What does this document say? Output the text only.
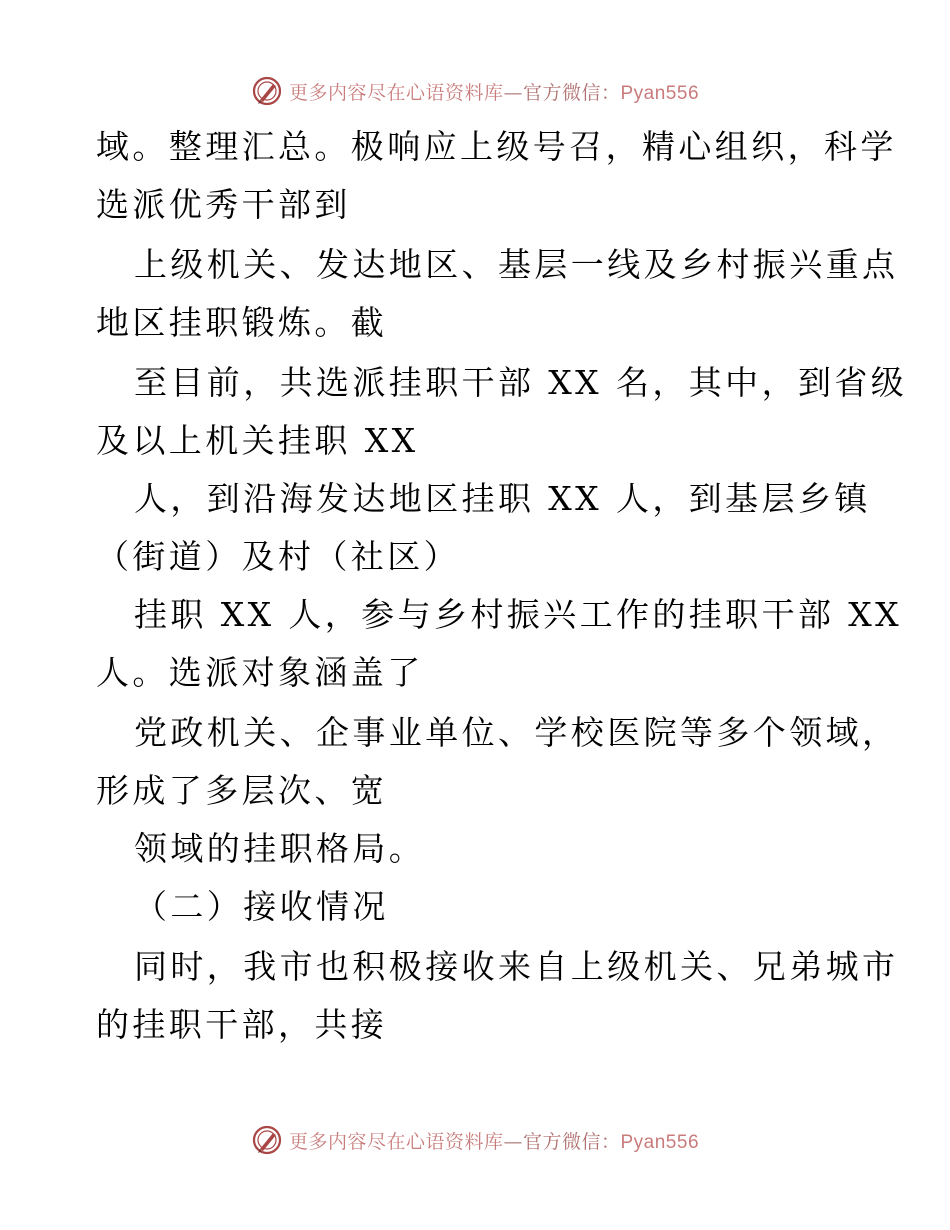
更多内容尽在心语资料库—官方微信：Pyan556
域。整理汇总。极响应上级号召，精心组织，科学
选派优秀干部到
上级机关、发达地区、基层一线及乡村振兴重点
地区挂职锻炼。截
至目前，共选派挂职干部 XX 名，其中，到省级
及以上机关挂职 XX
人，到沿海发达地区挂职 XX 人，到基层乡镇
（街道）及村（社区）
挂职 XX 人，参与乡村振兴工作的挂职干部 XX
人。选派对象涵盖了
党政机关、企事业单位、学校医院等多个领域，
形成了多层次、宽
领域的挂职格局。
（二）接收情况
同时，我市也积极接收来自上级机关、兄弟城市
的挂职干部，共接
更多内容尽在心语资料库—官方微信：Pyan556
